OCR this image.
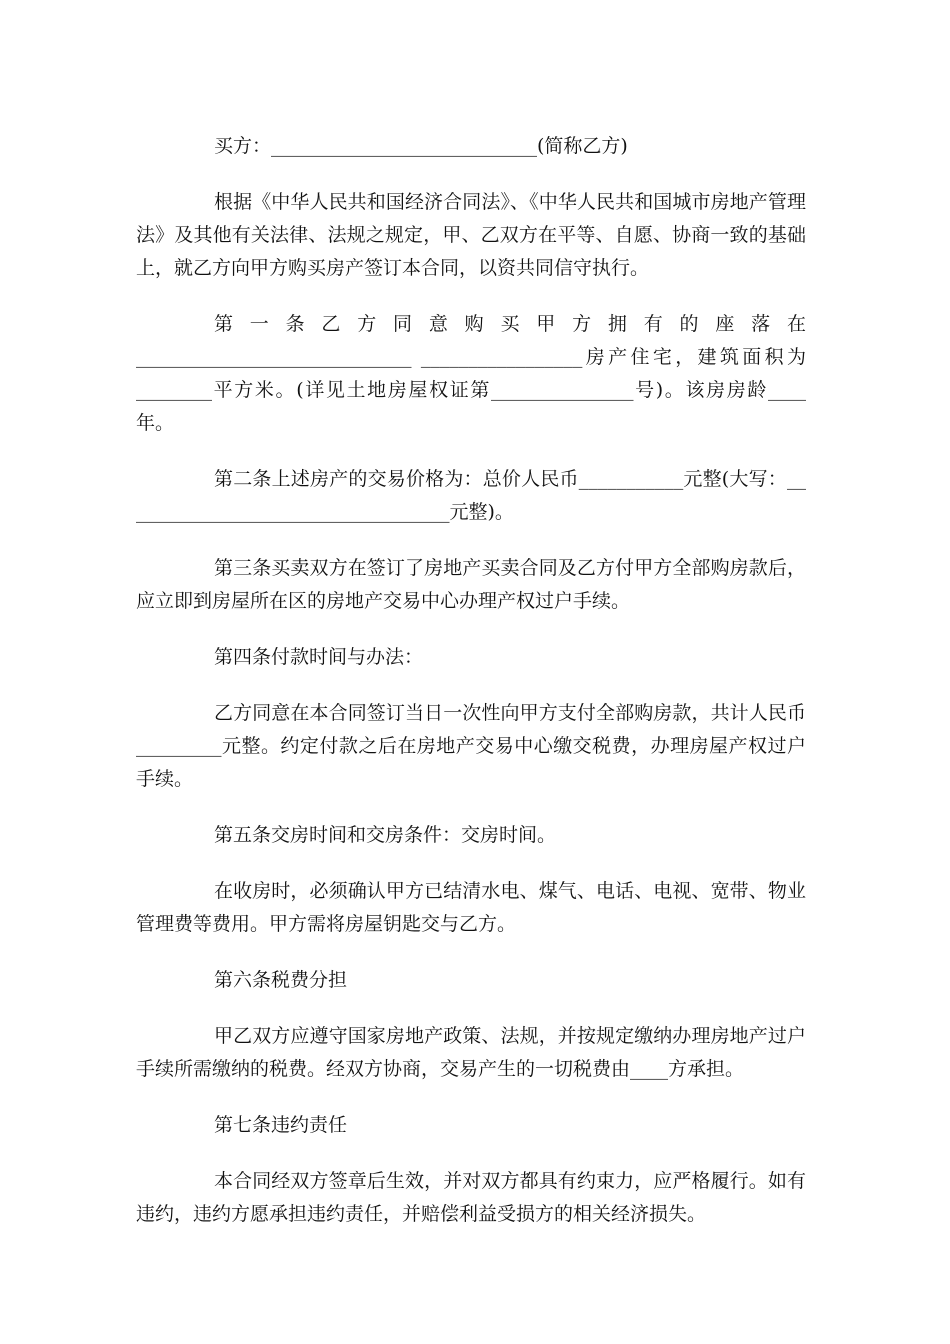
买方：____________________________(简称乙方)

根据《中华人民共和国经济合同法》、《中华人民共和国城市房地产管理法》及其他有关法律、法规之规定，甲、乙双方在平等、自愿、协商一致的基础上，就乙方向甲方购买房产签订本合同，以资共同信守执行。

第一条乙方同意购买甲方拥有的座落在_____________________________ _________________房产住宅，建筑面积为________平方米。(详见土地房屋权证第_______________号)。该房房龄____年。

第二条上述房产的交易价格为：总价人民币___________元整(大写：__ _________________________________元整)。

第三条买卖双方在签订了房地产买卖合同及乙方付甲方全部购房款后，应立即到房屋所在区的房地产交易中心办理产权过户手续。

第四条付款时间与办法：

乙方同意在本合同签订当日一次性向甲方支付全部购房款，共计人民币_________元整。约定付款之后在房地产交易中心缴交税费，办理房屋产权过户手续。

第五条交房时间和交房条件：交房时间。

在收房时，必须确认甲方已结清水电、煤气、电话、电视、宽带、物业管理费等费用。甲方需将房屋钥匙交与乙方。

第六条税费分担

甲乙双方应遵守国家房地产政策、法规，并按规定缴纳办理房地产过户手续所需缴纳的税费。经双方协商，交易产生的一切税费由____方承担。

第七条违约责任

本合同经双方签章后生效，并对双方都具有约束力，应严格履行。如有违约，违约方愿承担违约责任，并赔偿利益受损方的相关经济损失。
